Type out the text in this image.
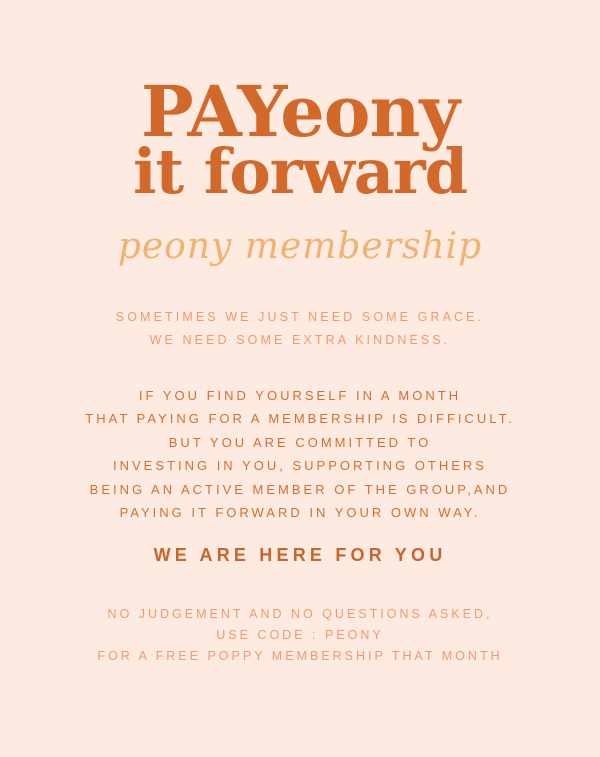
PAYeony
it forward
peony membership
SOMETIMES WE JUST NEED SOME GRACE.
WE NEED SOME EXTRA KINDNESS.
IF YOU FIND YOURSELF IN A MONTH
THAT PAYING FOR A MEMBERSHIP IS DIFFICULT.
BUT YOU ARE COMMITTED TO
INVESTING IN YOU, SUPPORTING OTHERS
BEING AN ACTIVE MEMBER OF THE GROUP,AND
PAYING IT FORWARD IN YOUR OWN WAY.
WE ARE HERE FOR YOU
NO JUDGEMENT AND NO QUESTIONS ASKED,
USE CODE : PEONY
FOR A FREE POPPY MEMBERSHIP THAT MONTH
